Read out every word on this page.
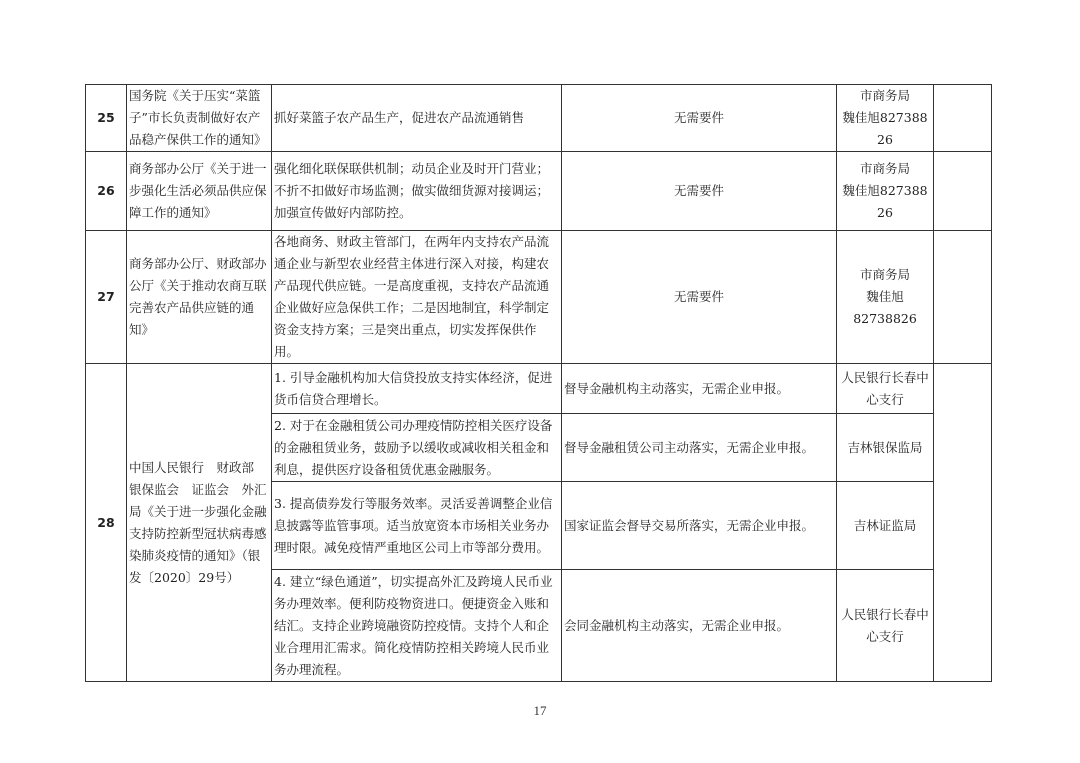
25	国务院《关于压实“菜篮子”市长负责制做好农产品稳产保供工作的通知》	抓好菜篮子农产品生产，促进农产品流通销售	无需要件	市商务局
魏佳旭82738826	
26	商务部办公厅《关于进一步强化生活必须品供应保障工作的通知》	强化细化联保联供机制；动员企业及时开门营业；不折不扣做好市场监测；做实做细货源对接调运；加强宣传做好内部防控。	无需要件	市商务局
魏佳旭82738826	
27	商务部办公厅、财政部办公厅《关于推动农商互联完善农产品供应链的通知》	各地商务、财政主管部门，在两年内支持农产品流通企业与新型农业经营主体进行深入对接，构建农产品现代供应链。一是高度重视，支持农产品流通企业做好应急保供工作；二是因地制宜，科学制定资金支持方案；三是突出重点，切实发挥保供作用。	无需要件	市商务局
魏佳旭
82738826	
28	中国人民银行　财政部　银保监会　证监会　外汇局《关于进一步强化金融支持防控新型冠状病毒感染肺炎疫情的通知》（银发〔2020〕29号）	1. 引导金融机构加大信贷投放支持实体经济，促进货币信贷合理增长。	督导金融机构主动落实，无需企业申报。	人民银行长春中心支行	
		2. 对于在金融租赁公司办理疫情防控相关医疗设备的金融租赁业务，鼓励予以缓收或减收相关租金和利息，提供医疗设备租赁优惠金融服务。	督导金融租赁公司主动落实，无需企业申报。	吉林银保监局	
		3. 提高债券发行等服务效率。灵活妥善调整企业信息披露等监管事项。适当放宽资本市场相关业务办理时限。减免疫情严重地区公司上市等部分费用。	国家证监会督导交易所落实，无需企业申报。	吉林证监局	
		4. 建立“绿色通道”，切实提高外汇及跨境人民币业务办理效率。便利防疫物资进口。便捷资金入账和结汇。支持企业跨境融资防控疫情。支持个人和企业合理用汇需求。简化疫情防控相关跨境人民币业务办理流程。	会同金融机构主动落实，无需企业申报。	人民银行长春中心支行	
17
